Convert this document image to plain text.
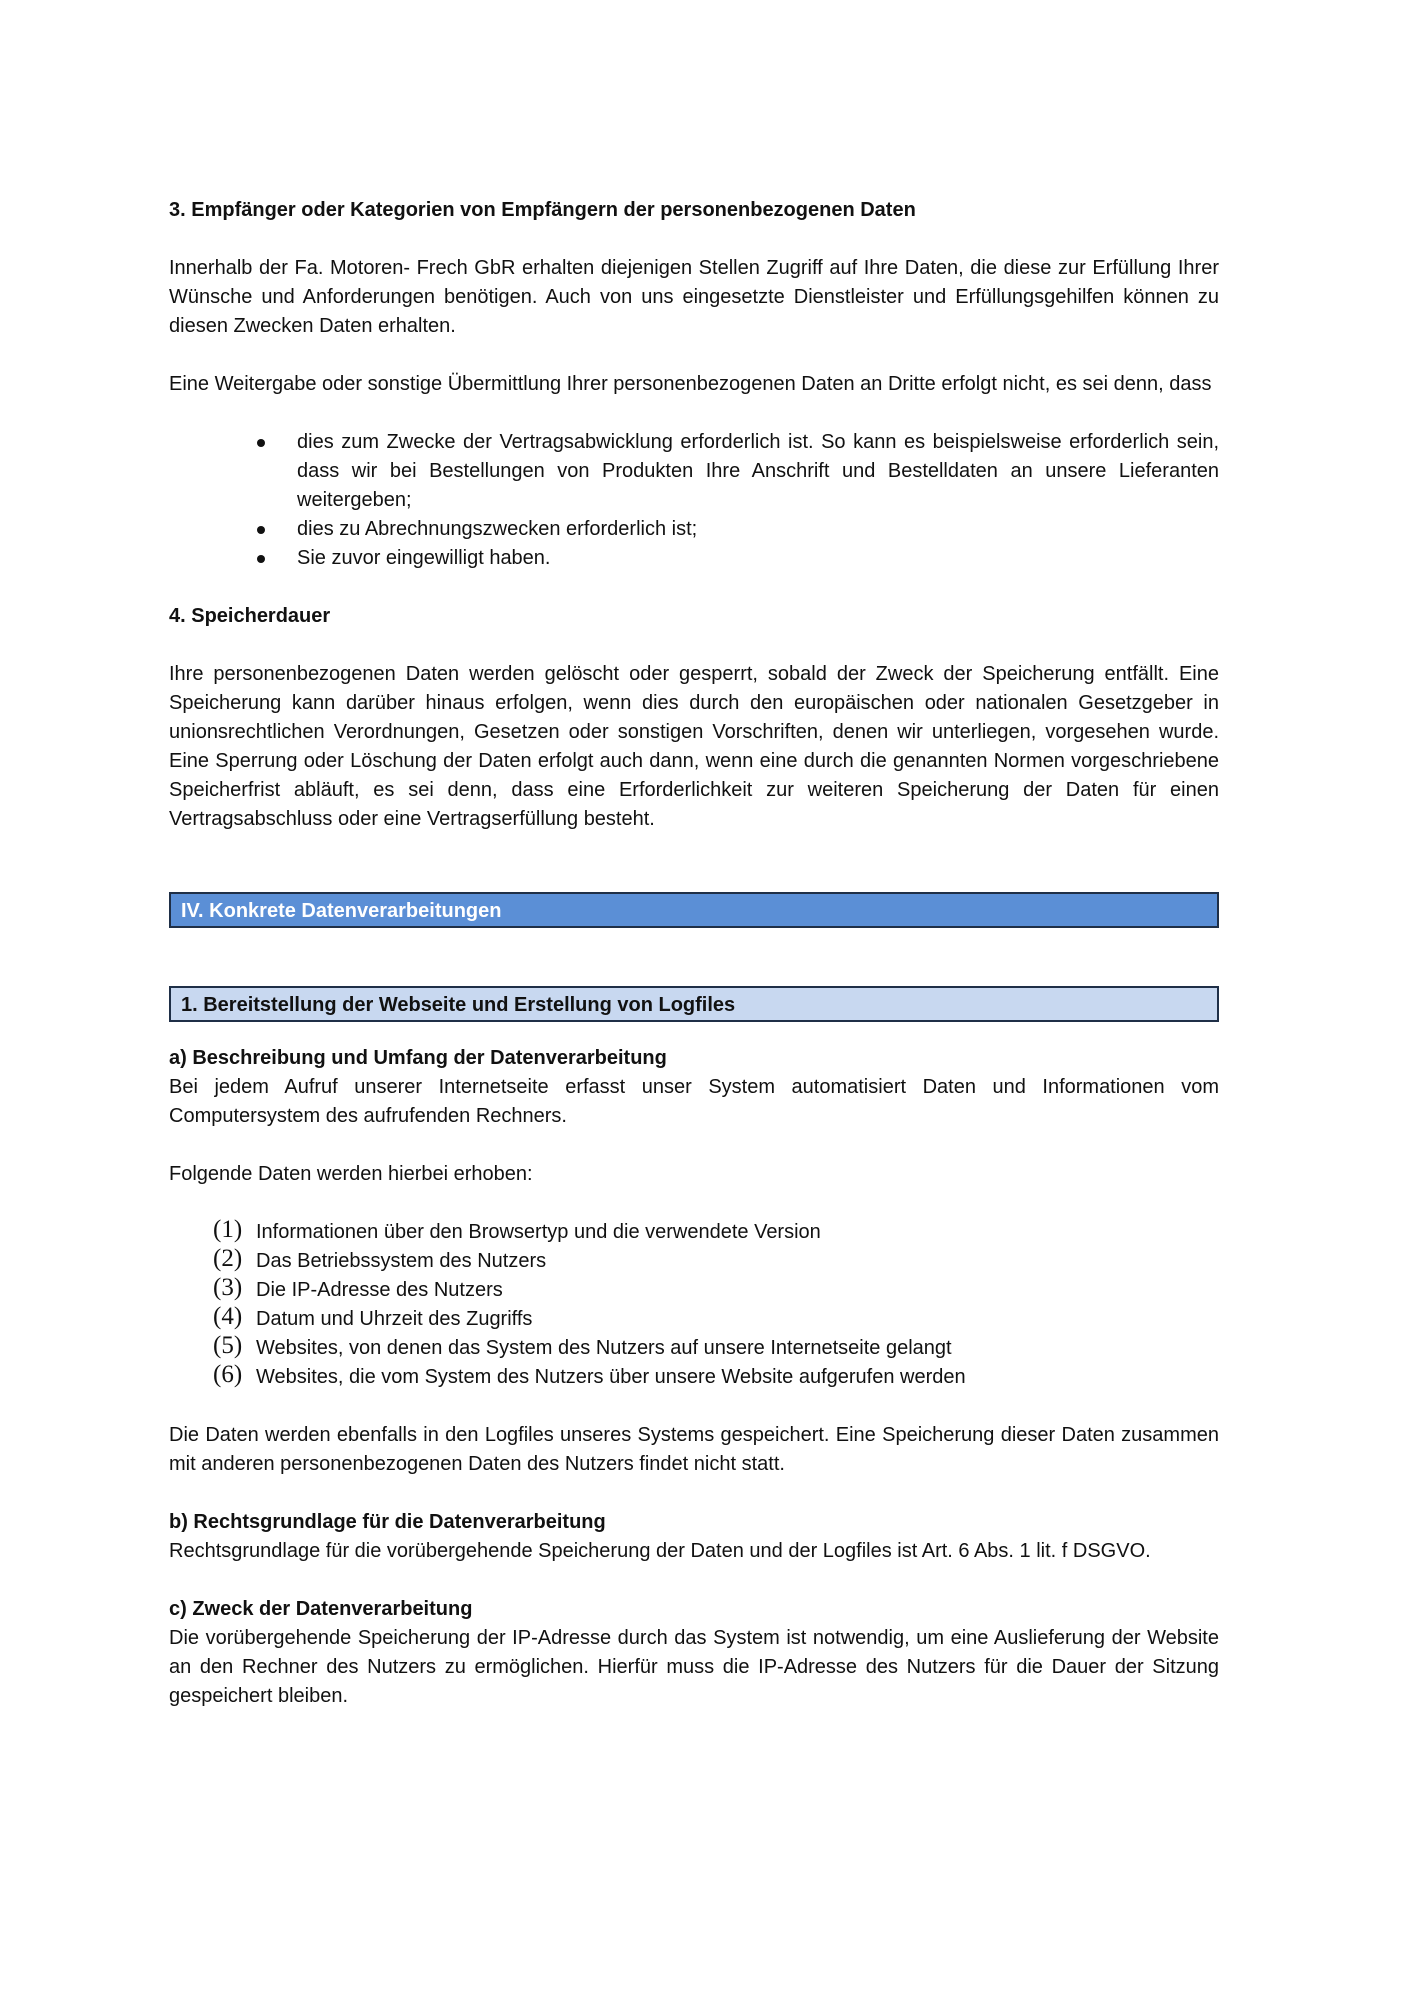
3. Empfänger oder Kategorien von Empfängern der personenbezogenen Daten

Innerhalb der Fa. Motoren- Frech GbR erhalten diejenigen Stellen Zugriff auf Ihre Daten, die diese zur Erfüllung Ihrer Wünsche und Anforderungen benötigen. Auch von uns eingesetzte Dienstleister und Erfüllungsgehilfen können zu diesen Zwecken Daten erhalten.

Eine Weitergabe oder sonstige Übermittlung Ihrer personenbezogenen Daten an Dritte erfolgt nicht, es sei denn, dass

dies zum Zwecke der Vertragsabwicklung erforderlich ist. So kann es beispielsweise erforderlich sein, dass wir bei Bestellungen von Produkten Ihre Anschrift und Bestelldaten an unsere Lieferanten weitergeben;
dies zu Abrechnungszwecken erforderlich ist;
Sie zuvor eingewilligt haben.

4. Speicherdauer

Ihre personenbezogenen Daten werden gelöscht oder gesperrt, sobald der Zweck der Speicherung entfällt. Eine Speicherung kann darüber hinaus erfolgen, wenn dies durch den europäischen oder nationalen Gesetzgeber in unionsrechtlichen Verordnungen, Gesetzen oder sonstigen Vorschriften, denen wir unterliegen, vorgesehen wurde. Eine Sperrung oder Löschung der Daten erfolgt auch dann, wenn eine durch die genannten Normen vorgeschriebene Speicherfrist abläuft, es sei denn, dass eine Erforderlichkeit zur weiteren Speicherung der Daten für einen Vertragsabschluss oder eine Vertragserfüllung besteht.

IV. Konkrete Datenverarbeitungen
1. Bereitstellung der Webseite und Erstellung von Logfiles

a) Beschreibung und Umfang der Datenverarbeitung

Bei jedem Aufruf unserer Internetseite erfasst unser System automatisiert Daten und Informationen vom Computersystem des aufrufenden Rechners.

Folgende Daten werden hierbei erhoben:

(1) Informationen über den Browsertyp und die verwendete Version
(2) Das Betriebssystem des Nutzers
(3) Die IP-Adresse des Nutzers
(4) Datum und Uhrzeit des Zugriffs
(5) Websites, von denen das System des Nutzers auf unsere Internetseite gelangt
(6) Websites, die vom System des Nutzers über unsere Website aufgerufen werden

Die Daten werden ebenfalls in den Logfiles unseres Systems gespeichert. Eine Speicherung dieser Daten zusammen mit anderen personenbezogenen Daten des Nutzers findet nicht statt.

b) Rechtsgrundlage für die Datenverarbeitung

Rechtsgrundlage für die vorübergehende Speicherung der Daten und der Logfiles ist Art. 6 Abs. 1 lit. f DSGVO.

c) Zweck der Datenverarbeitung

Die vorübergehende Speicherung der IP-Adresse durch das System ist notwendig, um eine Auslieferung der Website an den Rechner des Nutzers zu ermöglichen. Hierfür muss die IP-Adresse des Nutzers für die Dauer der Sitzung gespeichert bleiben.
